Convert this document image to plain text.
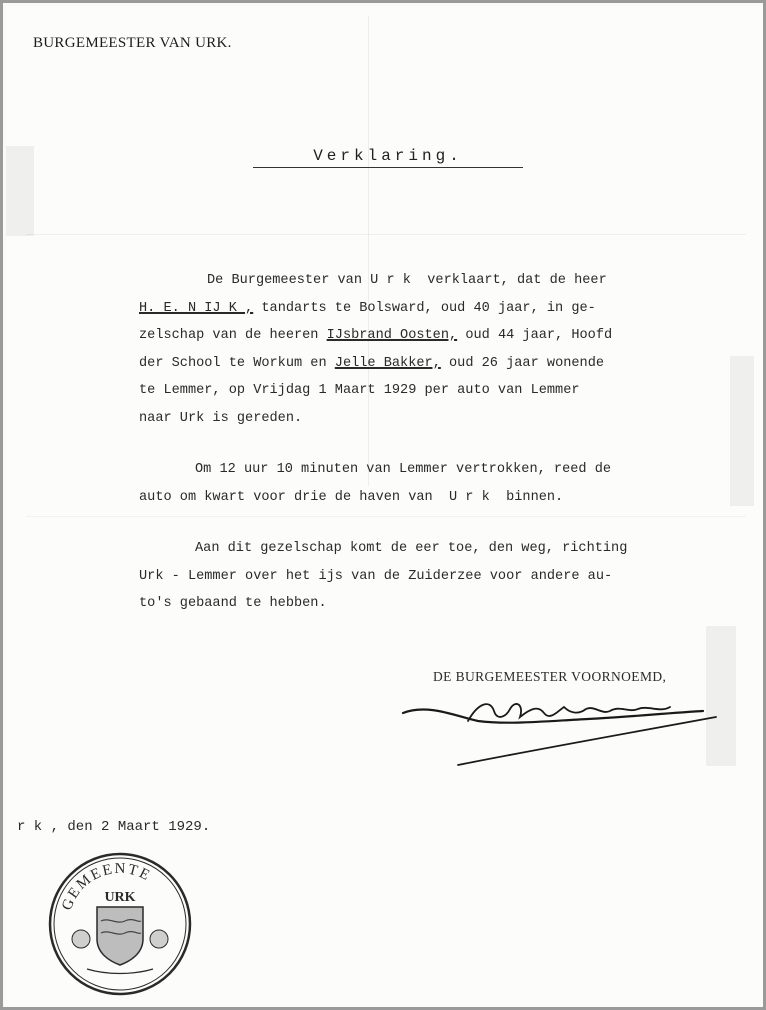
BURGEMEESTER VAN URK.
Verklaring.
De Burgemeester van U r k  verklaart, dat de heer
H. E. N IJ K , tandarts te Bolsward, oud 40 jaar, in ge-
zelschap van de heeren IJsbrand Oosten, oud 44 jaar, Hoofd
der School te Workum en Jelle Bakker, oud 26 jaar wonende
te Lemmer, op Vrijdag 1 Maart 1929 per auto van Lemmer
naar Urk is gereden.
Om 12 uur 10 minuten van Lemmer vertrokken, reed de
auto om kwart voor drie de haven van  U r k  binnen.
Aan dit gezelschap komt de eer toe, den weg, richting
Urk - Lemmer over het ijs van de Zuiderzee voor andere au-
to's gebaand te hebben.
DE BURGEMEESTER VOORNOEMD,
r k , den 2 Maart 1929.
GEMEENTE
URK
